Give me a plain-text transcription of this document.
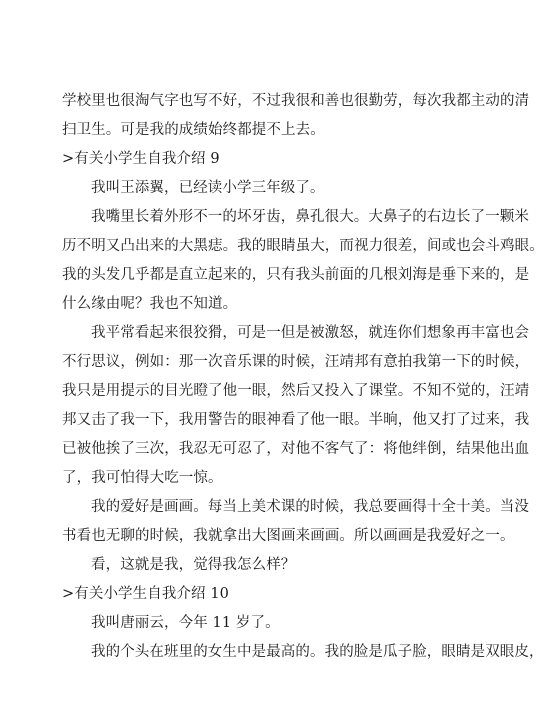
学校里也很淘气字也写不好，不过我很和善也很勤劳，每次我都主动的清
扫卫生。可是我的成绩始终都提不上去。
>有关小学生自我介绍 9
我叫王添翼，已经读小学三年级了。
我嘴里长着外形不一的坏牙齿，鼻孔很大。大鼻子的右边长了一颗米
历不明又凸出来的大黑痣。我的眼睛虽大，而视力很差，间或也会斗鸡眼。
我的头发几乎都是直立起来的，只有我头前面的几根刘海是垂下来的，是
什么缘由呢？我也不知道。
我平常看起来很狡猾，可是一但是被激怒，就连你们想象再丰富也会
不行思议，例如：那一次音乐课的时候，汪靖邦有意拍我第一下的时候，
我只是用提示的目光瞪了他一眼，然后又投入了课堂。不知不觉的，汪靖
邦又击了我一下，我用警告的眼神看了他一眼。半晌，他又打了过来，我
已被他挨了三次，我忍无可忍了，对他不客气了：将他绊倒，结果他出血
了，我可怕得大吃一惊。
我的爱好是画画。每当上美术课的时候，我总要画得十全十美。当没
书看也无聊的时候，我就拿出大图画来画画。所以画画是我爱好之一。
看，这就是我，觉得我怎么样？
>有关小学生自我介绍 10
我叫唐丽云，今年 11 岁了。
我的个头在班里的女生中是最高的。我的脸是瓜子脸，眼睛是双眼皮，
